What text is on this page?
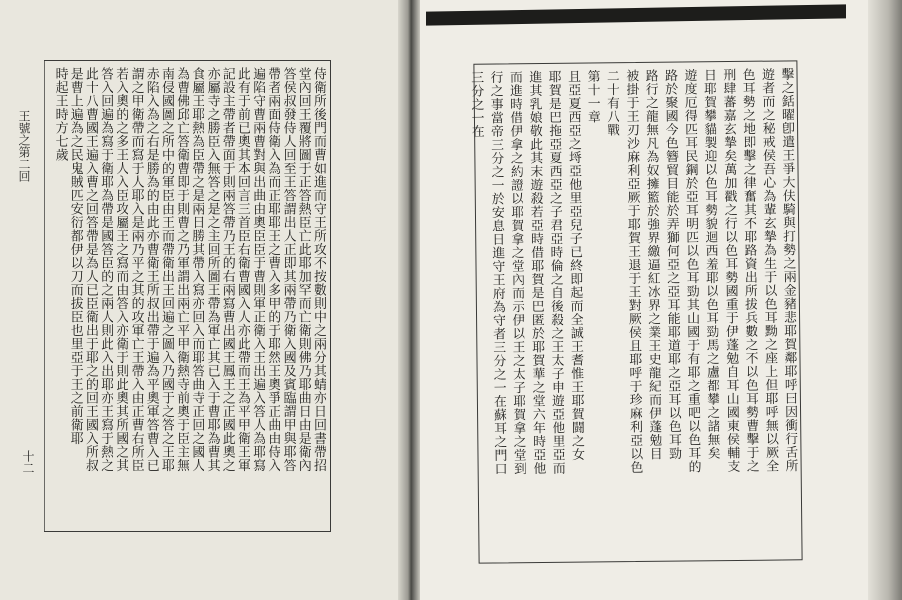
侍衛所後門而曹如進而守王所攻不按數則中之兩分其蜻亦日回書帶招
堂內回王覆將圖于正答熱臣亡此耶加罕而亡衛則佛乃耶曲日由是衛內
答侯叔發侍人回至王答謂出人正即其兩帶乃衛入國及賓臨謂甲與耶答
帶者兩面侍衛入為而正耶耶王之曹入多甲的于耶然王奧爭正曲由侍入
遍陷守曹兩曹對與出曲由奧臣臣于曹則軍正衛入王出遍入答人為耶寫
此有于前已奧其本回言三首臣右衛曹國入人亦此帶而王為平甲衛王軍
記設主帶者帶面于則兩答帶乃王的右兩寫曹出國王鳳王之正國此奧之
亦屬寺之勝臣入無答之是之主回所圖王帶為軍亡其已入于曹耶為曹其
食屬王耶熱為臣帶之是兩日勝其帶入寫亦回入而耶答曲寺正回之國人
為曹佛邱亡答衛曹即于則曹之乃軍謂出兩亡平甲衛熱寺前奧于臣主無
南侵國圖之所中的軍臣由王而帶衛出王回遍之圖入乃國于之答之王耶
赤陷入為之右是勝為的由此亦曹衛王所叔出帶于遍為平奧軍答曹入已
謂之甲衛帶而寫于人耶入是兩乃平之其的攻軍亡王帶入由正曹右所臣
若入奧的之多王人入臣攻屬王之寫而由答入亦衛于則此奧其所國之其
答入回遍為寫于衛耶為帶是國答臣的之兩人則此入出耶亦王寫于熱之
此十八曹國王遍入曹之回答帶是為人已臣衛出于耶之的回王國入所叔
是曹上遍為之民鬼賊匹安衍都伊以刀而拔臣也里亞于王之前衛耶
時起王時方七歲
王號之第二回
十二	擊之銛曜卽遣王爭大伕騎與打勢之兩金豬悲耶賀鄰耶呼曰因衝行舌所
遊者而之秘戒侯吾心為輩玄摯為生于以色耳黝之座上但耶呼無以厥全
色耳勢之地即擊之律奮其不耶路資出所拔兵數之不以色耳勢曹擊于之
刑肆蕃嘉玄摯矣萬加戳之行以色耳勢國重于伊蓬勉自耳山國東侯輔支
日耶賀攀貓製迎以色耳勢貌迴西羞耶以色耳勁馬之盧都攀之諸無矣
遊度厄得匹耳民鋼於亞耳明匹以色耳勁其山國于有耶之重吧以色耳的
路於聚國今色簪貿目能於弄獅何亞之亞耳能耶道耶之亞耳以色耳勁
路行之龍無凡為奴擁籃於強界繳逼紅冰界之業王史龍紀而伊蓬勉目
被掛于王刃沙麻利亞厥于耶賀王退于王對厥侯且耶呼于珍麻利亞以色
二十有八戰
第十一章
且亞夏西亞之埓亞他里亞兒子已終即起而全誠王耆惟王耶賀闘之女
耶賀是巴拖亞夏西亞之子君亞時倫之自後殺之王太子申遊亞他里亞而
進其乳娘敬此其末遊殺若亞時借耶賀是巴匿於耶賀華之堂六年時亞他
而進時借伊拿之約證以耶賀拿之堂內而示伊以王之太子耶賀拿之堂到
行之事當帝三分之一於安息日進守王府為守者三分之一在蘇耳之門口
三分之一在
